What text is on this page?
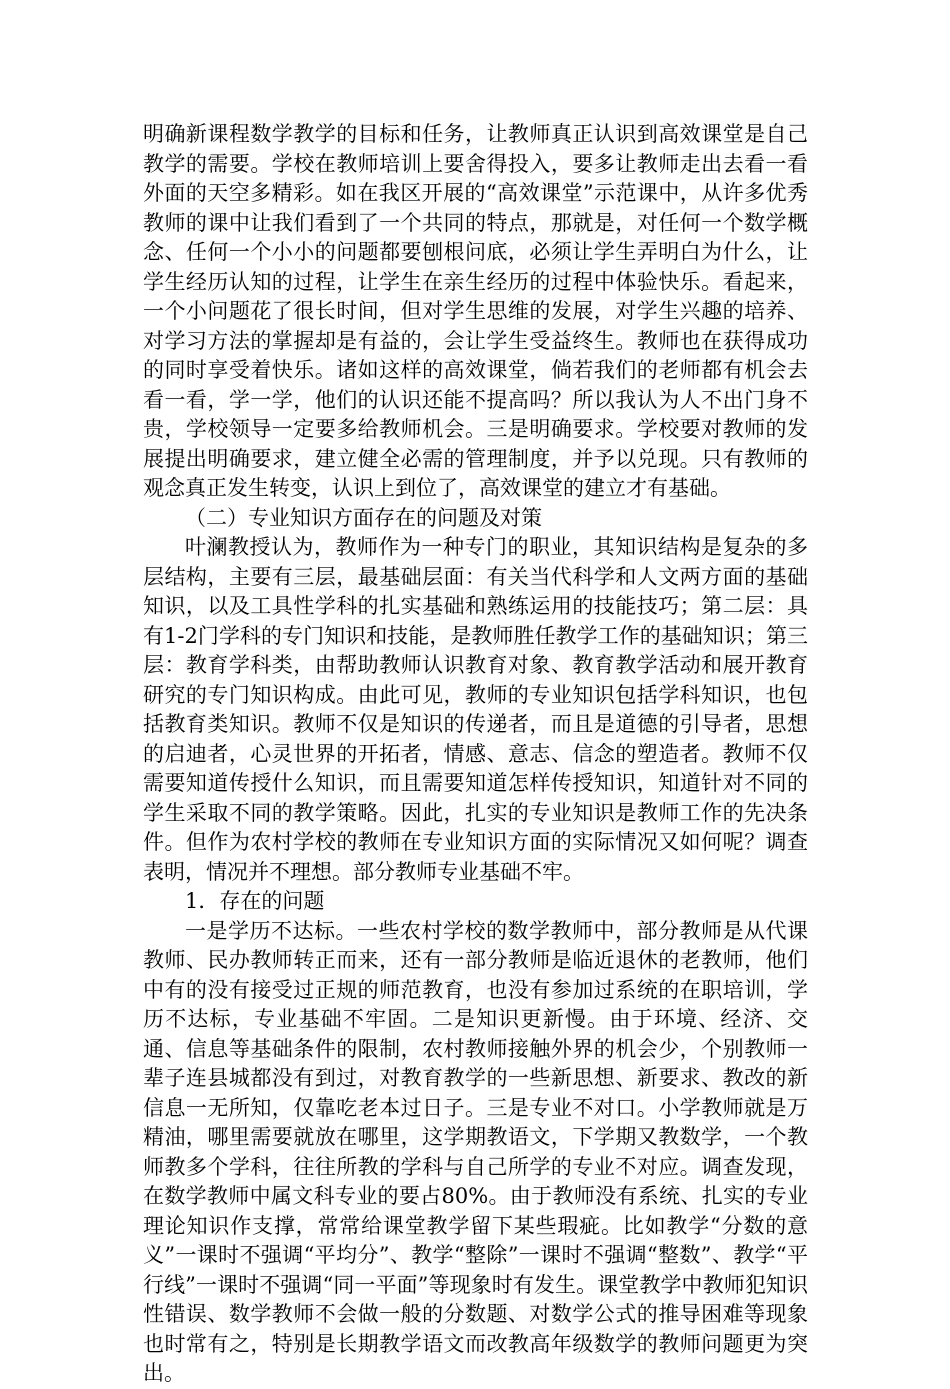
明确新课程数学教学的目标和任务，让教师真正认识到高效课堂是自己教学的需要。学校在教师培训上要舍得投入，要多让教师走出去看一看外面的天空多精彩。如在我区开展的“高效课堂”示范课中，从许多优秀教师的课中让我们看到了一个共同的特点，那就是，对任何一个数学概念、任何一个小小的问题都要刨根问底，必须让学生弄明白为什么，让学生经历认知的过程，让学生在亲生经历的过程中体验快乐。看起来，一个小问题花了很长时间，但对学生思维的发展，对学生兴趣的培养、对学习方法的掌握却是有益的，会让学生受益终生。教师也在获得成功的同时享受着快乐。诸如这样的高效课堂，倘若我们的老师都有机会去看一看，学一学，他们的认识还能不提高吗？所以我认为人不出门身不贵，学校领导一定要多给教师机会。三是明确要求。学校要对教师的发展提出明确要求，建立健全必需的管理制度，并予以兑现。只有教师的观念真正发生转变，认识上到位了，高效课堂的建立才有基础。

（二）专业知识方面存在的问题及对策

叶澜教授认为，教师作为一种专门的职业，其知识结构是复杂的多层结构，主要有三层，最基础层面：有关当代科学和人文两方面的基础知识，以及工具性学科的扎实基础和熟练运用的技能技巧；第二层：具有1-2门学科的专门知识和技能，是教师胜任教学工作的基础知识；第三层：教育学科类，由帮助教师认识教育对象、教育教学活动和展开教育研究的专门知识构成。由此可见，教师的专业知识包括学科知识，也包括教育类知识。教师不仅是知识的传递者，而且是道德的引导者，思想的启迪者，心灵世界的开拓者，情感、意志、信念的塑造者。教师不仅需要知道传授什么知识，而且需要知道怎样传授知识，知道针对不同的学生采取不同的教学策略。因此，扎实的专业知识是教师工作的先决条件。但作为农村学校的教师在专业知识方面的实际情况又如何呢？调查表明，情况并不理想。部分教师专业基础不牢。

1．存在的问题

一是学历不达标。一些农村学校的数学教师中，部分教师是从代课教师、民办教师转正而来，还有一部分教师是临近退休的老教师，他们中有的没有接受过正规的师范教育，也没有参加过系统的在职培训，学历不达标，专业基础不牢固。二是知识更新慢。由于环境、经济、交通、信息等基础条件的限制，农村教师接触外界的机会少，个别教师一辈子连县城都没有到过，对教育教学的一些新思想、新要求、教改的新信息一无所知，仅靠吃老本过日子。三是专业不对口。小学教师就是万精油，哪里需要就放在哪里，这学期教语文，下学期又教数学，一个教师教多个学科，往往所教的学科与自己所学的专业不对应。调查发现，在数学教师中属文科专业的要占80%。由于教师没有系统、扎实的专业理论知识作支撑，常常给课堂教学留下某些瑕疵。比如教学“分数的意义”一课时不强调“平均分”、教学“整除”一课时不强调“整数”、教学“平行线”一课时不强调“同一平面”等现象时有发生。课堂教学中教师犯知识性错误、数学教师不会做一般的分数题、对数学公式的推导困难等现象也时常有之，特别是长期教学语文而改教高年级数学的教师问题更为突出。
